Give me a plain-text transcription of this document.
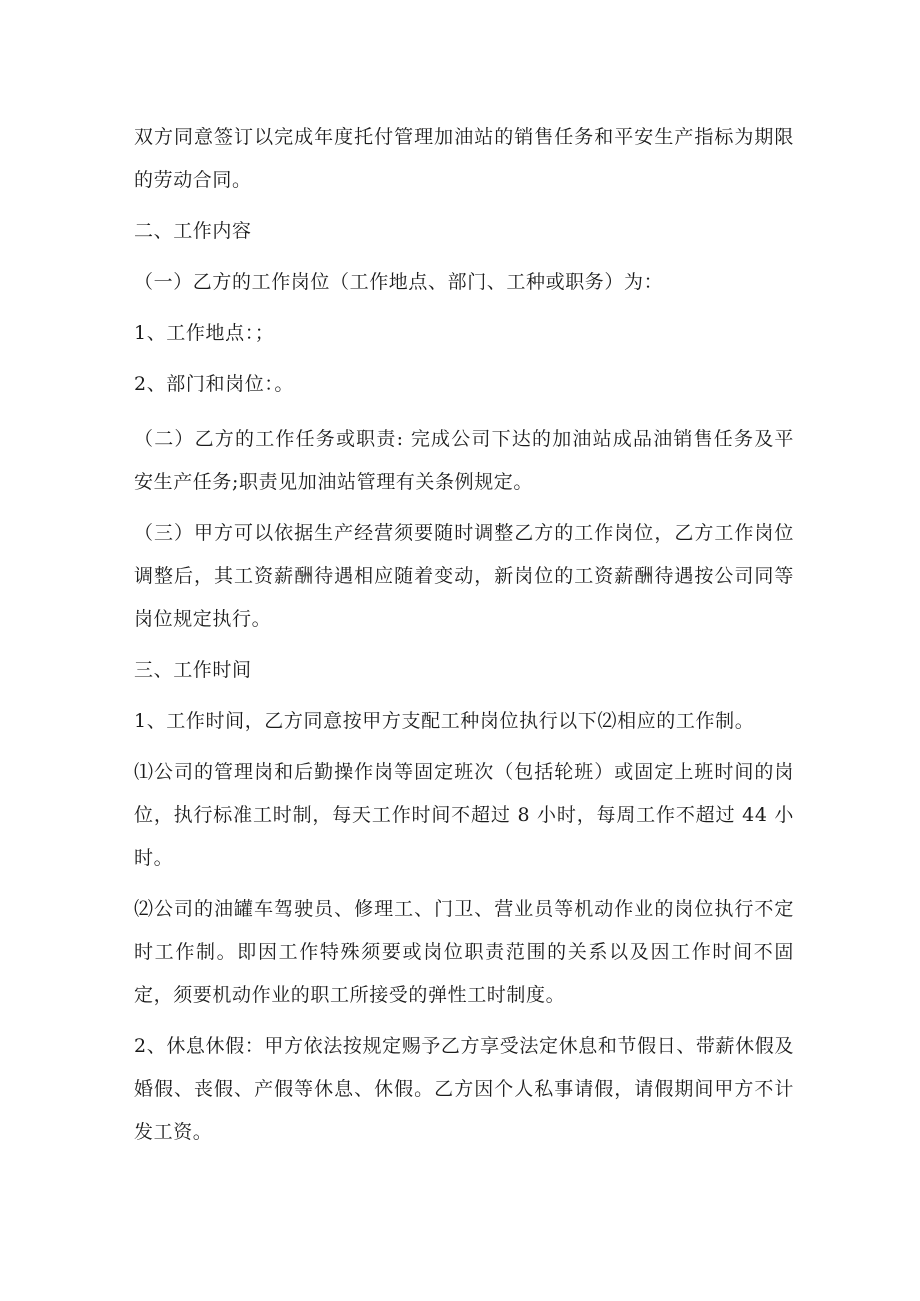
双方同意签订以完成年度托付管理加油站的销售任务和平安生产指标为期限的劳动合同。

二、工作内容

（一）乙方的工作岗位（工作地点、部门、工种或职务）为：

1、工作地点：；

2、部门和岗位：。

（二）乙方的工作任务或职责: 完成公司下达的加油站成品油销售任务及平安生产任务;职责见加油站管理有关条例规定。

（三）甲方可以依据生产经营须要随时调整乙方的工作岗位，乙方工作岗位调整后，其工资薪酬待遇相应随着变动，新岗位的工资薪酬待遇按公司同等岗位规定执行。

三、工作时间

1、工作时间，乙方同意按甲方支配工种岗位执行以下⑵相应的工作制。

⑴公司的管理岗和后勤操作岗等固定班次（包括轮班）或固定上班时间的岗位，执行标准工时制，每天工作时间不超过 8 小时，每周工作不超过 44 小时。

⑵公司的油罐车驾驶员、修理工、门卫、营业员等机动作业的岗位执行不定时工作制。即因工作特殊须要或岗位职责范围的关系以及因工作时间不固定，须要机动作业的职工所接受的弹性工时制度。

2、休息休假：甲方依法按规定赐予乙方享受法定休息和节假日、带薪休假及婚假、丧假、产假等休息、休假。乙方因个人私事请假，请假期间甲方不计发工资。
